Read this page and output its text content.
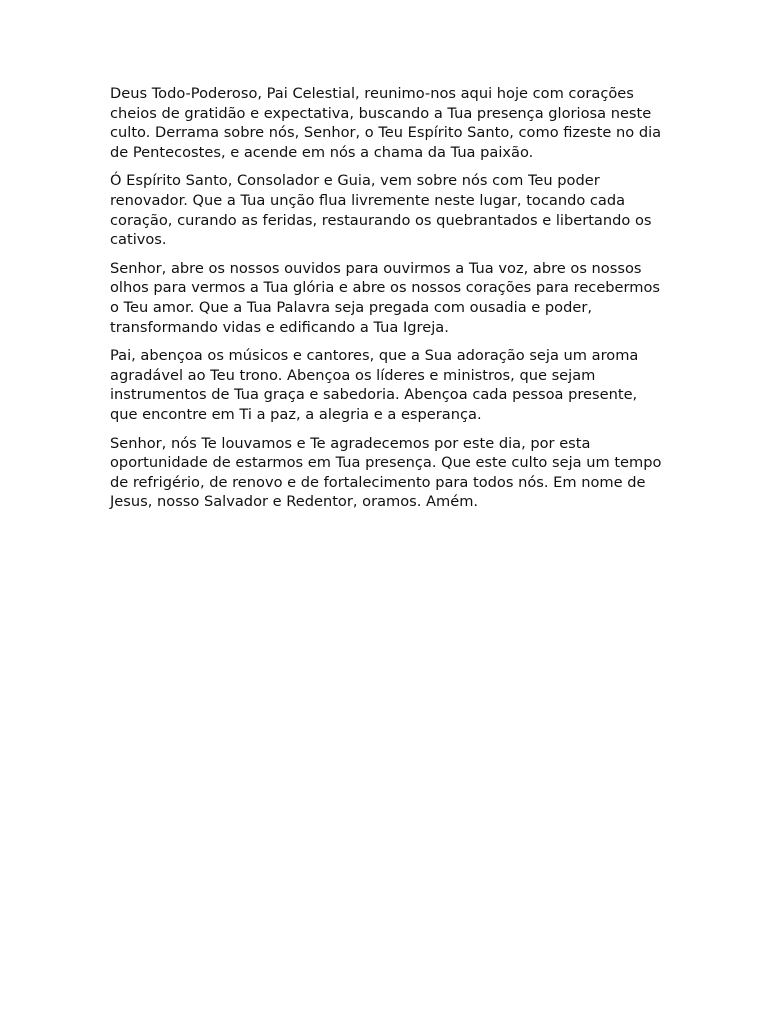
Deus Todo-Poderoso, Pai Celestial, reunimo-nos aqui hoje com corações cheios de gratidão e expectativa, buscando a Tua presença gloriosa neste culto. Derrama sobre nós, Senhor, o Teu Espírito Santo, como fizeste no dia de Pentecostes, e acende em nós a chama da Tua paixão.

Ó Espírito Santo, Consolador e Guia, vem sobre nós com Teu poder renovador. Que a Tua unção flua livremente neste lugar, tocando cada coração, curando as feridas, restaurando os quebrantados e libertando os cativos.

Senhor, abre os nossos ouvidos para ouvirmos a Tua voz, abre os nossos olhos para vermos a Tua glória e abre os nossos corações para recebermos o Teu amor. Que a Tua Palavra seja pregada com ousadia e poder, transformando vidas e edificando a Tua Igreja.

Pai, abençoa os músicos e cantores, que a Sua adoração seja um aroma agradável ao Teu trono. Abençoa os líderes e ministros, que sejam instrumentos de Tua graça e sabedoria. Abençoa cada pessoa presente, que encontre em Ti a paz, a alegria e a esperança.

Senhor, nós Te louvamos e Te agradecemos por este dia, por esta oportunidade de estarmos em Tua presença. Que este culto seja um tempo de refrigério, de renovo e de fortalecimento para todos nós. Em nome de Jesus, nosso Salvador e Redentor, oramos. Amém.
